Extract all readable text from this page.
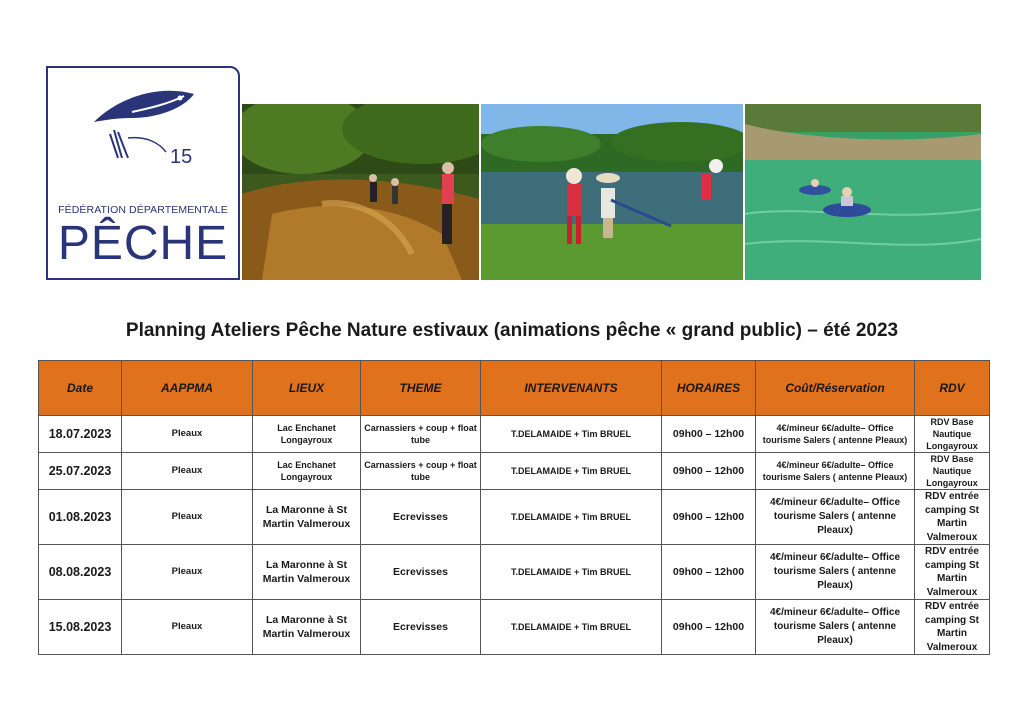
15
FÉDÉRATION DÉPARTEMENTALE
PÊCHE
Planning Ateliers Pêche Nature estivaux (animations pêche « grand public) – été 2023
Date	AAPPMA	LIEUX	THEME	INTERVENANTS	HORAIRES	Coût/Réservation	RDV
18.07.2023	Pleaux	Lac Enchanet
Longayroux	Carnassiers + coup + float
tube	T.DELAMAIDE + Tim BRUEL	09h00 – 12h00	4€/mineur 6€/adulte– Office
tourisme Salers ( antenne Pleaux)	RDV Base
Nautique
Longayroux
25.07.2023	Pleaux	Lac Enchanet
Longayroux	Carnassiers + coup + float
tube	T.DELAMAIDE + Tim BRUEL	09h00 – 12h00	4€/mineur 6€/adulte– Office
tourisme Salers ( antenne Pleaux)	RDV Base
Nautique
Longayroux
01.08.2023	Pleaux	La Maronne à St
Martin Valmeroux	Ecrevisses	T.DELAMAIDE + Tim BRUEL	09h00 – 12h00	4€/mineur 6€/adulte– Office
tourisme Salers ( antenne
Pleaux)	RDV entrée
camping St
Martin
Valmeroux
08.08.2023	Pleaux	La Maronne à St
Martin Valmeroux	Ecrevisses	T.DELAMAIDE + Tim BRUEL	09h00 – 12h00	4€/mineur 6€/adulte– Office
tourisme Salers ( antenne
Pleaux)	RDV entrée
camping St
Martin
Valmeroux
15.08.2023	Pleaux	La Maronne à St
Martin Valmeroux	Ecrevisses	T.DELAMAIDE + Tim BRUEL	09h00 – 12h00	4€/mineur 6€/adulte– Office
tourisme Salers ( antenne
Pleaux)	RDV entrée
camping St
Martin
Valmeroux
